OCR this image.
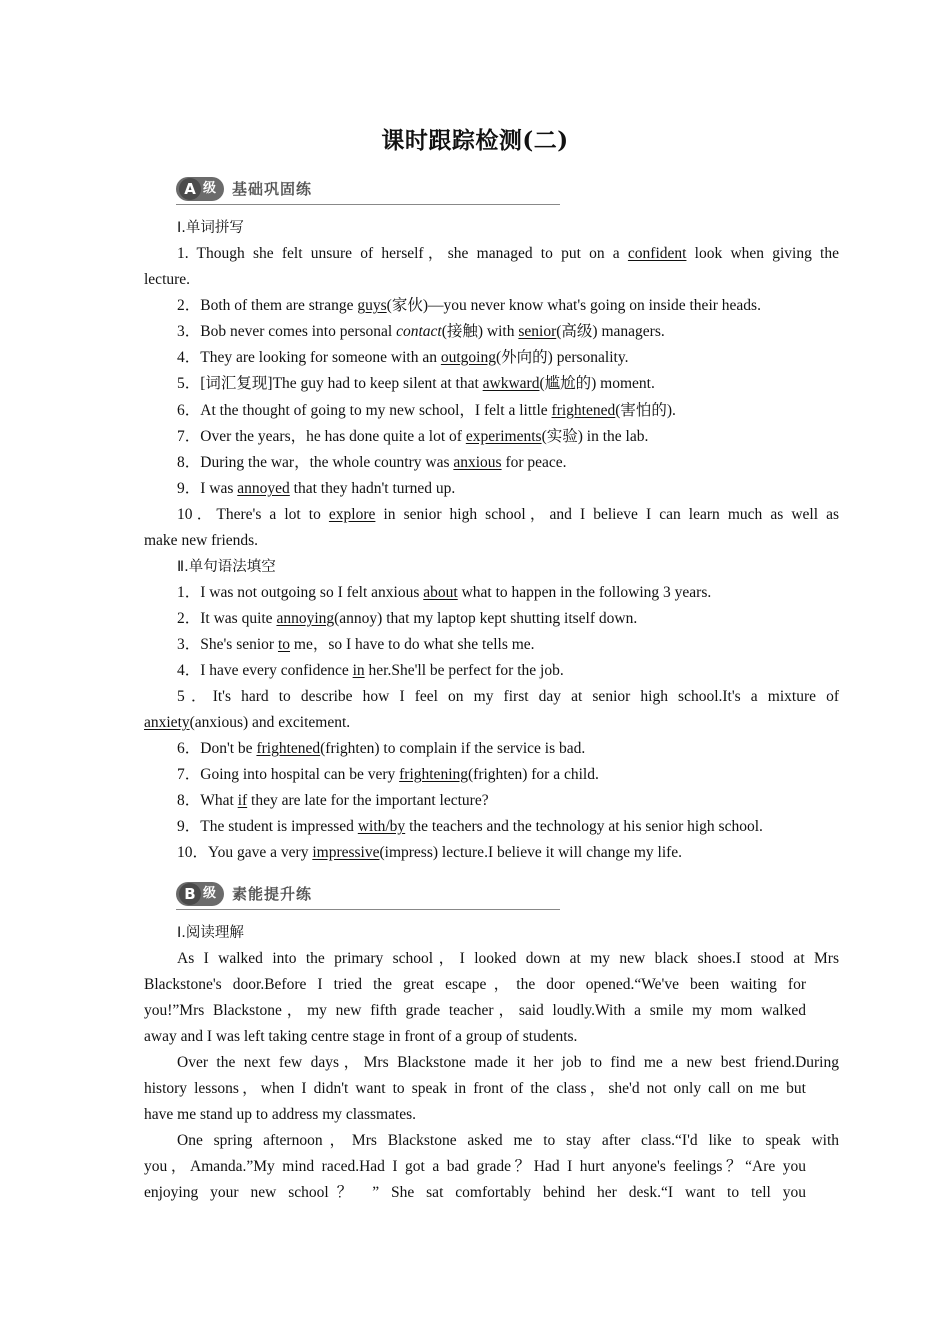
课时跟踪检测(二)
A 级 基础巩固练
Ⅰ.单词拼写
1. Though she felt unsure of herself，she managed to put on a confident look when giving the
lecture.
2．Both of them are strange guys(家伙)—you never know what's going on inside their heads.
3．Bob never comes into personal contact(接触) with senior(高级) managers.
4．They are looking for someone with an outgoing(外向的) personality.
5．[词汇复现]The guy had to keep silent at that awkward(尴尬的) moment.
6．At the thought of going to my new school，I felt a little frightened(害怕的).
7．Over the years，he has done quite a lot of experiments(实验) in the lab.
8．During the war，the whole country was anxious for peace.
9．I was annoyed that they hadn't turned up.
10．There's a lot to explore in senior high school，and I believe I can learn much as well as
make new friends.
Ⅱ.单句语法填空
1．I was not outgoing so I felt anxious about what to happen in the following 3 years.
2．It was quite annoying(annoy) that my laptop kept shutting itself down.
3．She's senior to me，so I have to do what she tells me.
4．I have every confidence in her.She'll be perfect for the job.
5．It's hard to describe how I feel on my first day at senior high school.It's a mixture of
anxiety(anxious) and excitement.
6．Don't be frightened(frighten) to complain if the service is bad.
7．Going into hospital can be very frightening(frighten) for a child.
8．What if they are late for the important lecture?
9．The student is impressed with/by the teachers and the technology at his senior high school.
10．You gave a very impressive(impress) lecture.I believe it will change my life.
B 级 素能提升练
Ⅰ.阅读理解
As I walked into the primary school，I looked down at my new black shoes.I stood at Mrs
Blackstone's door.Before I tried the great escape，the door opened.“We've been waiting for
you!”Mrs Blackstone，my new fifth grade teacher，said loudly.With a smile my mom walked
away and I was left taking centre stage in front of a group of students.
Over the next few days，Mrs Blackstone made it her job to find me a new best friend.During
history lessons，when I didn't want to speak in front of the class，she'd not only call on me but
have me stand up to address my classmates.
One spring afternoon，Mrs Blackstone asked me to stay after class.“I'd like to speak with
you，Amanda.”My mind raced.Had I got a bad grade？Had I hurt anyone's feelings？“Are you
enjoying your new school？ ” She sat comfortably behind her desk.“I want to tell you
